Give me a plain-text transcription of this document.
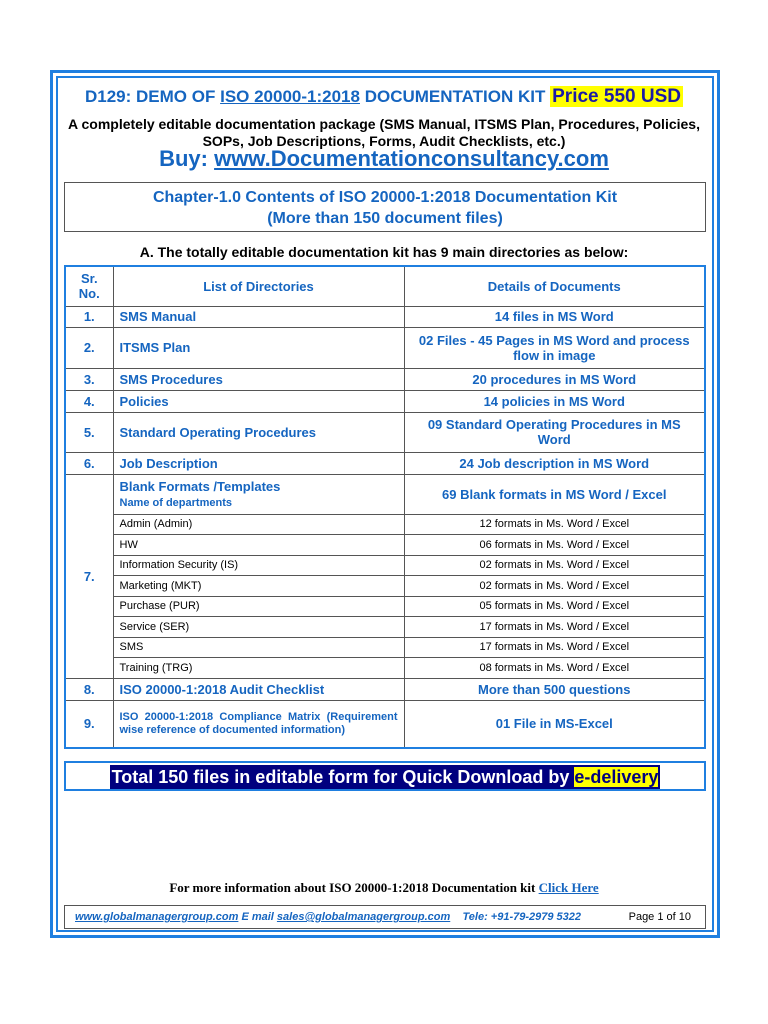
D129: DEMO OF ISO 20000-1:2018 DOCUMENTATION KIT Price 550 USD
A completely editable documentation package (SMS Manual, ITSMS Plan, Procedures, Policies,
SOPs, Job Descriptions, Forms, Audit Checklists, etc.)
Buy: www.Documentationconsultancy.com
Chapter-1.0 Contents of ISO 20000-1:2018 Documentation Kit
(More than 150 document files)
A. The totally editable documentation kit has 9 main directories as below:
Sr. No.	List of Directories	Details of Documents
1.	SMS Manual	14 files in MS Word
2.	ITSMS Plan	02 Files - 45 Pages in MS Word and process flow in image
3.	SMS Procedures	20 procedures in MS Word
4.	Policies	14 policies in MS Word
5.	Standard Operating Procedures	09 Standard Operating Procedures in MS Word
6.	Job Description	24 Job description in MS Word
7.	Blank Formats /Templates
Name of departments	69 Blank formats in MS Word / Excel
	Admin (Admin)	12 formats in Ms. Word / Excel
	HW	06 formats in Ms. Word / Excel
	Information Security (IS)	02 formats in Ms. Word / Excel
	Marketing (MKT)	02 formats in Ms. Word / Excel
	Purchase (PUR)	05 formats in Ms. Word / Excel
	Service (SER)	17 formats in Ms. Word / Excel
	SMS	17 formats in Ms. Word / Excel
	Training (TRG)	08 formats in Ms. Word / Excel
8.	ISO 20000-1:2018 Audit Checklist	More than 500 questions
9.	ISO 20000-1:2018 Compliance Matrix (Requirement wise reference of documented information)	01 File in MS-Excel
Total 150 files in editable form for Quick Download by e-delivery
For more information about ISO 20000-1:2018 Documentation kit Click Here
www.globalmanagergroup.com E mail sales@globalmanagergroup.com Tele: +91-79-2979 5322	Page 1 of 10
